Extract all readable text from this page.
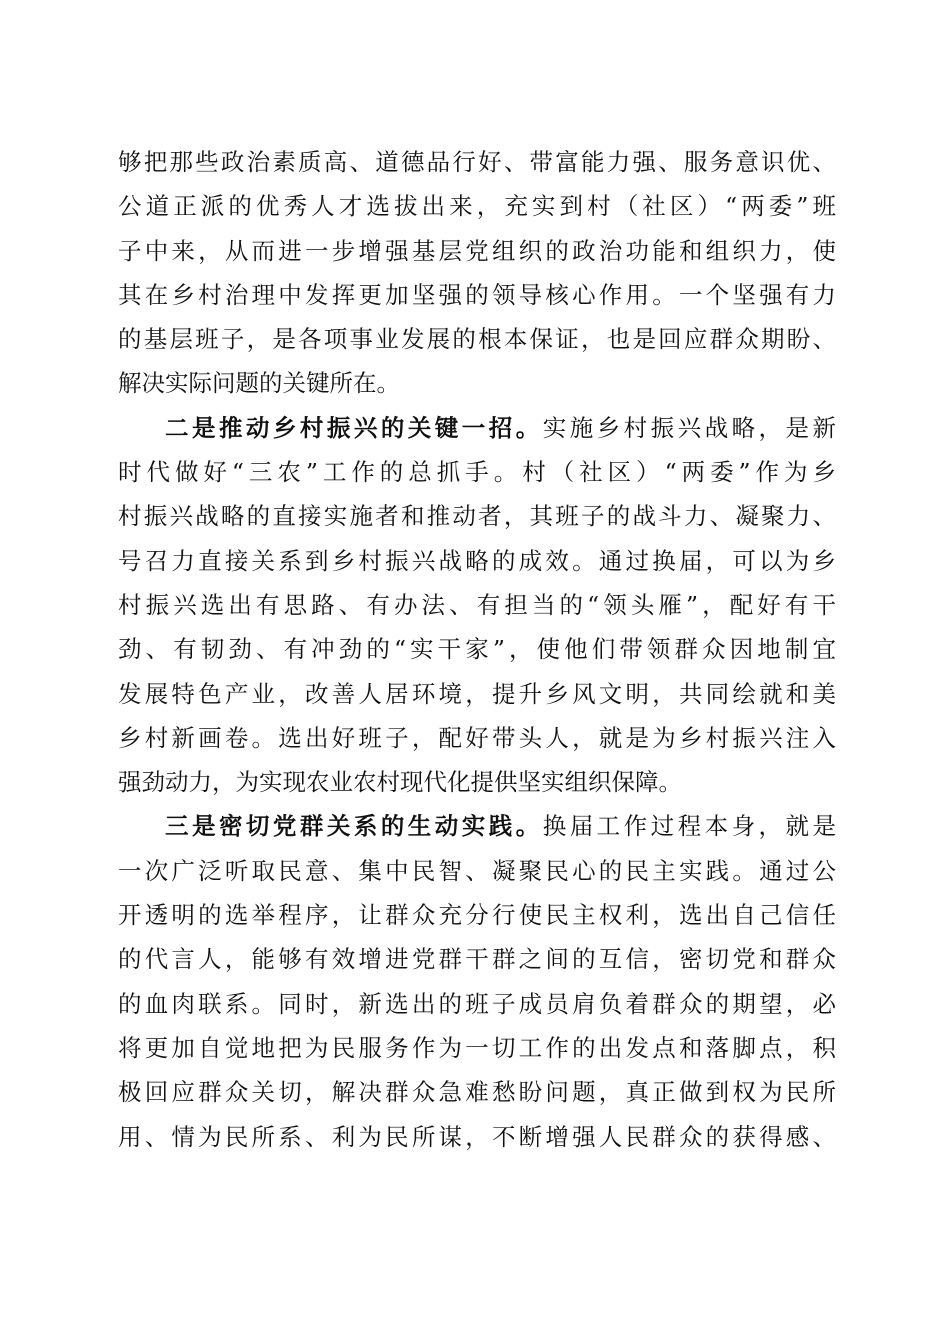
够把那些政治素质高、道德品行好、带富能力强、服务意识优、
公道正派的优秀人才选拔出来，充实到村（社区）“两委”班
子中来，从而进一步增强基层党组织的政治功能和组织力，使
其在乡村治理中发挥更加坚强的领导核心作用。一个坚强有力
的基层班子，是各项事业发展的根本保证，也是回应群众期盼、
解决实际问题的关键所在。
二是推动乡村振兴的关键一招。实施乡村振兴战略，是新
时代做好“三农”工作的总抓手。村（社区）“两委”作为乡
村振兴战略的直接实施者和推动者，其班子的战斗力、凝聚力、
号召力直接关系到乡村振兴战略的成效。通过换届，可以为乡
村振兴选出有思路、有办法、有担当的“领头雁”，配好有干
劲、有韧劲、有冲劲的“实干家”，使他们带领群众因地制宜
发展特色产业，改善人居环境，提升乡风文明，共同绘就和美
乡村新画卷。选出好班子，配好带头人，就是为乡村振兴注入
强劲动力，为实现农业农村现代化提供坚实组织保障。
三是密切党群关系的生动实践。换届工作过程本身，就是
一次广泛听取民意、集中民智、凝聚民心的民主实践。通过公
开透明的选举程序，让群众充分行使民主权利，选出自己信任
的代言人，能够有效增进党群干群之间的互信，密切党和群众
的血肉联系。同时，新选出的班子成员肩负着群众的期望，必
将更加自觉地把为民服务作为一切工作的出发点和落脚点，积
极回应群众关切，解决群众急难愁盼问题，真正做到权为民所
用、情为民所系、利为民所谋，不断增强人民群众的获得感、
